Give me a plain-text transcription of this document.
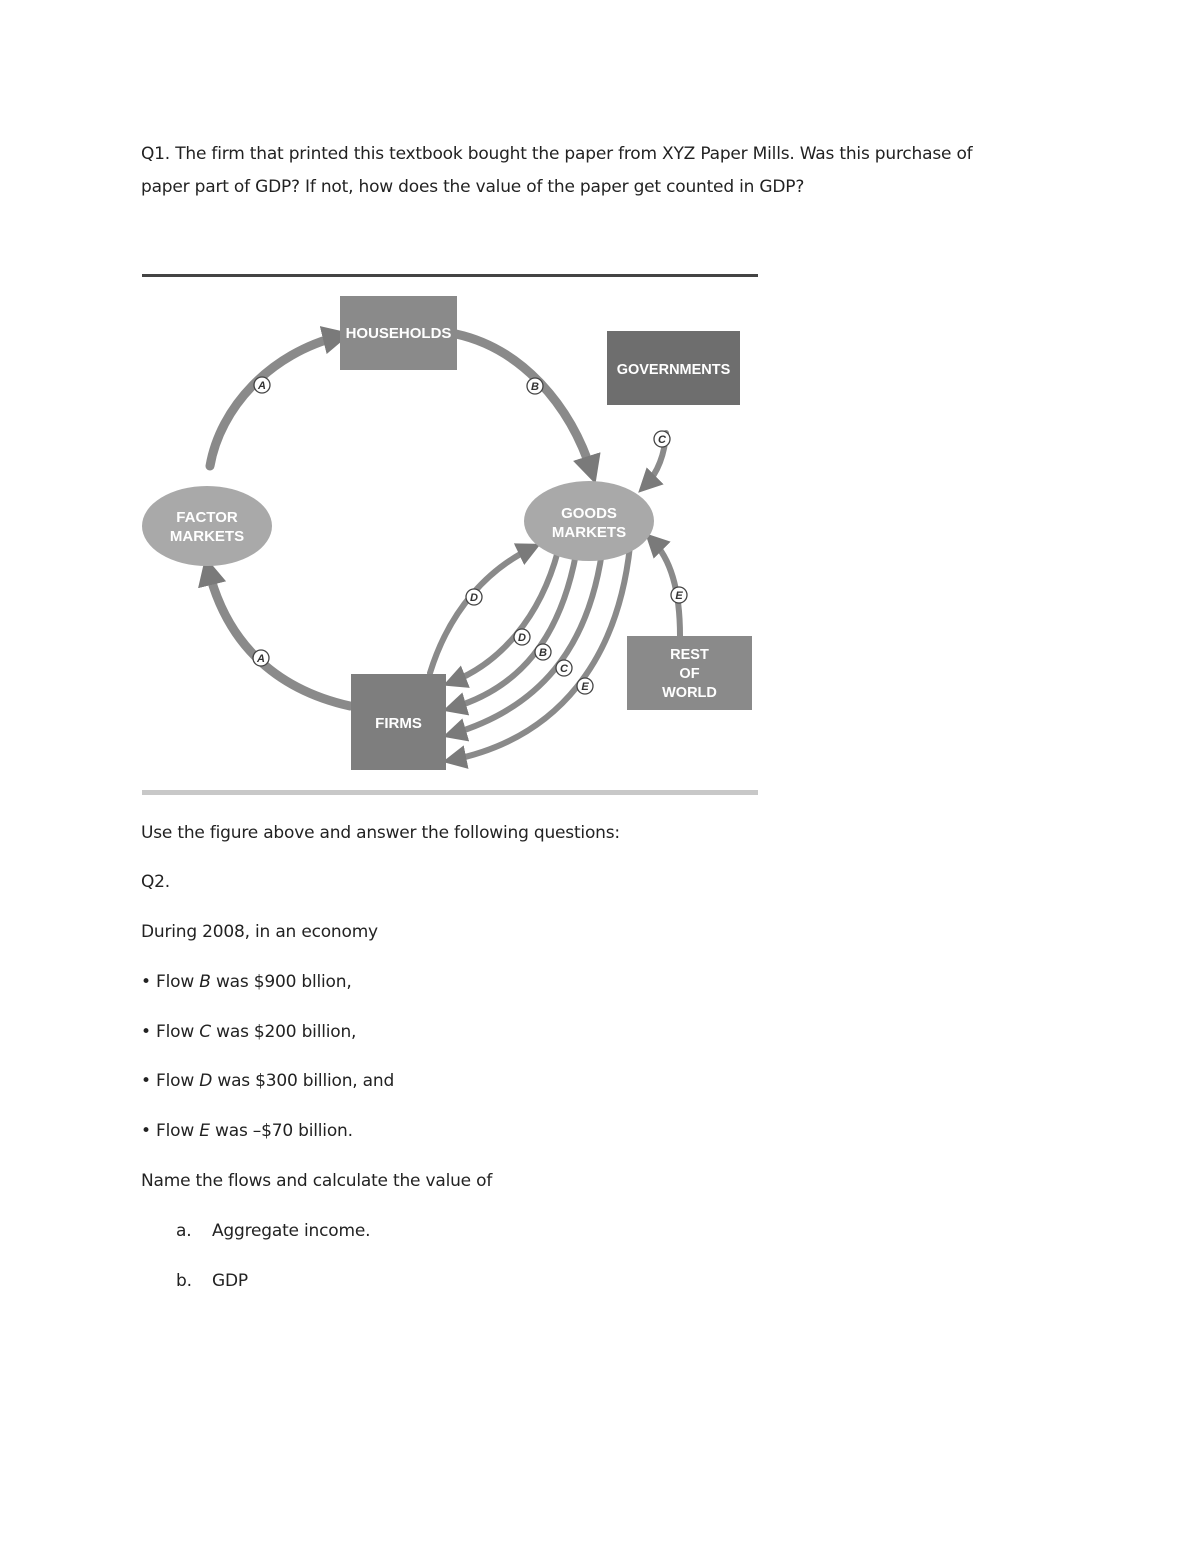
Q1. The firm that printed this textbook bought the paper from XYZ Paper Mills. Was this purchase of

paper part of GDP? If not, how does the value of the paper get counted in GDP?

HOUSEHOLDS
GOVERNMENTS
FACTOR
MARKETS
GOODS
MARKETS
FIRMS
REST
OF
WORLD
A	B
C
D	E
A
D
B
C
E

Use the figure above and answer the following questions:

Q2.

During 2008, in an economy

• Flow B was $900 bllion,

• Flow C was $200 billion,

• Flow D was $300 billion, and

• Flow E was –$70 billion.

Name the flows and calculate the value of

a. Aggregate income.

b. GDP
